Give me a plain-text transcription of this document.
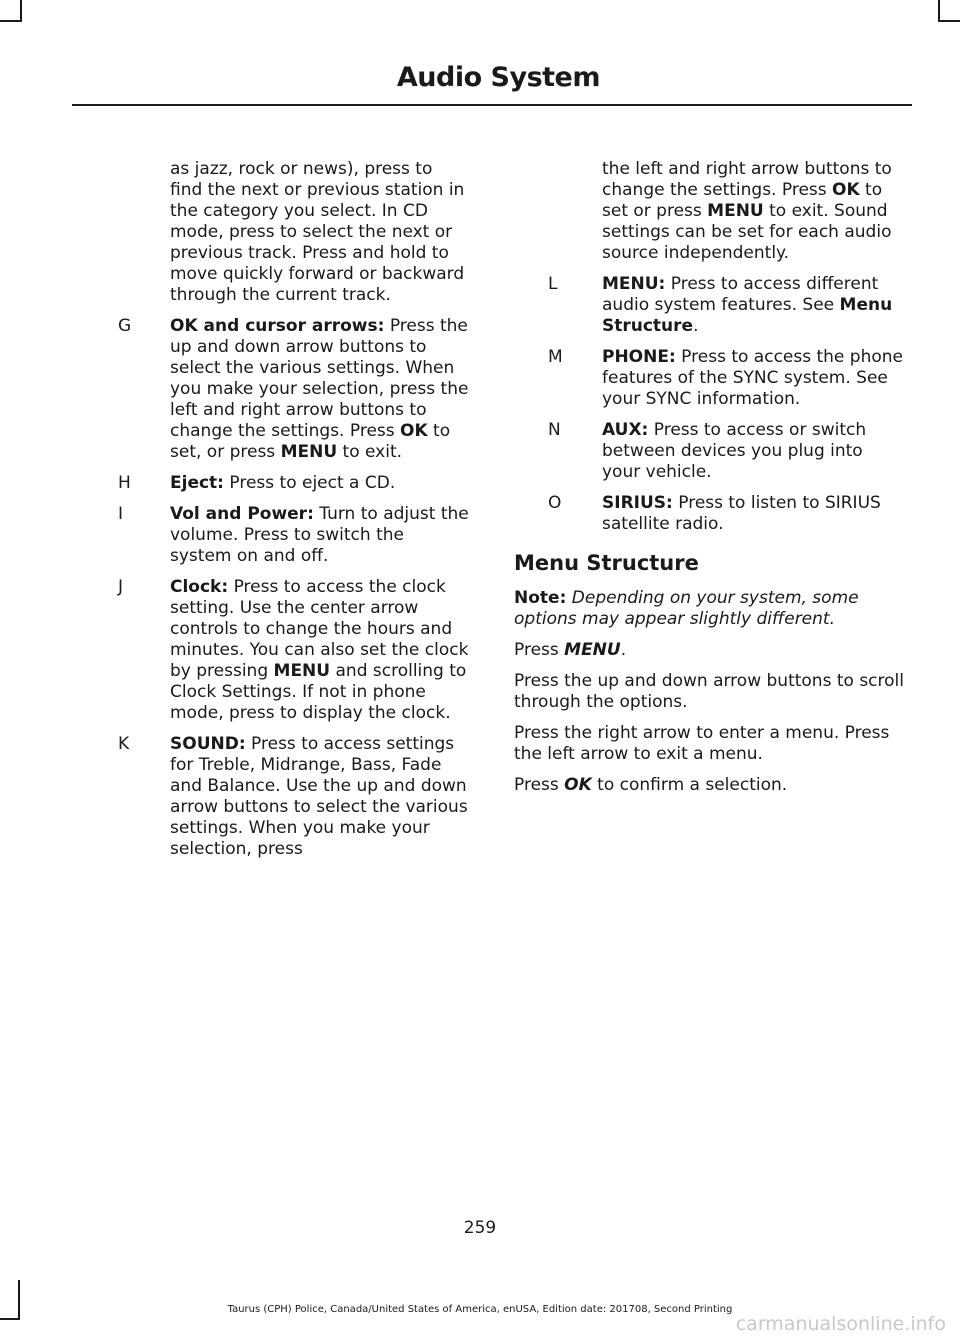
Audio System
as jazz, rock or news), press to find the next or previous station in the category you select. In CD mode, press to select the next or previous track. Press and hold to move quickly forward or backward through the current track.
G	OK and cursor arrows: Press the up and down arrow buttons to select the various settings. When you make your selection, press the left and right arrow buttons to change the settings. Press OK to set, or press MENU to exit.
H	Eject: Press to eject a CD.
I	Vol and Power: Turn to adjust the volume. Press to switch the system on and off.
J	Clock: Press to access the clock setting. Use the center arrow controls to change the hours and minutes. You can also set the clock by pressing MENU and scrolling to Clock Settings. If not in phone mode, press to display the clock.
K	SOUND: Press to access settings for Treble, Midrange, Bass, Fade and Balance. Use the up and down arrow buttons to select the various settings. When you make your selection, press
the left and right arrow buttons to change the settings. Press OK to set or press MENU to exit. Sound settings can be set for each audio source independently.
L	MENU: Press to access different audio system features. See Menu Structure.
M	PHONE: Press to access the phone features of the SYNC system. See your SYNC information.
N	AUX: Press to access or switch between devices you plug into your vehicle.
O	SIRIUS: Press to listen to SIRIUS satellite radio.
Menu Structure

Note: Depending on your system, some options may appear slightly different.

Press MENU.

Press the up and down arrow buttons to scroll through the options.

Press the right arrow to enter a menu. Press the left arrow to exit a menu.

Press OK to confirm a selection.

259
Taurus (CPH) Police, Canada/United States of America, enUSA, Edition date: 201708, Second Printing
carmanualsonline.info
